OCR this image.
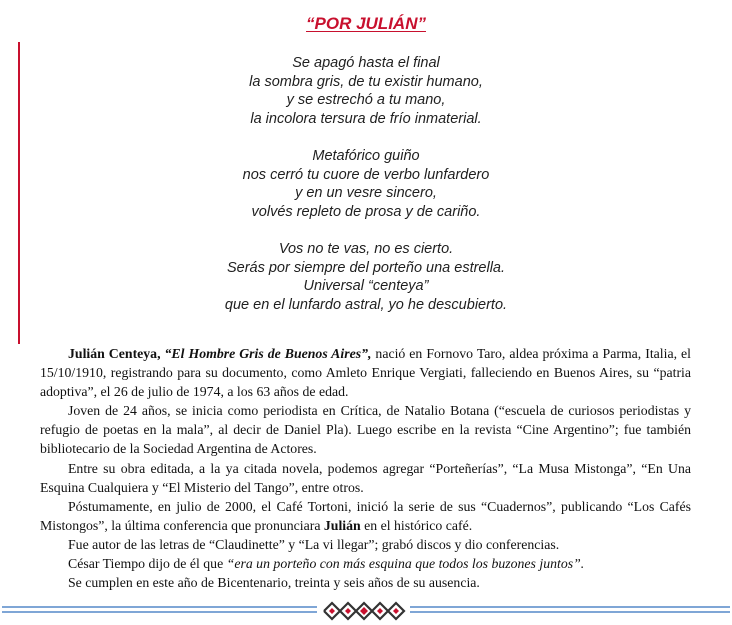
“POR JULIÁN”
Se apagó hasta el final
la sombra gris, de tu existir humano,
y se estrechó a tu mano,
la incolora tersura de frío inmaterial.
Metafórico guiño
nos cerró tu cuore de verbo lunfardero
y en un vesre sincero,
volvés repleto de prosa y de cariño.
Vos no te vas, no es cierto.
Serás por siempre del porteño una estrella.
Universal “centeya”
que en el lunfardo astral, yo he descubierto.

Julián Centeya, “El Hombre Gris de Buenos Aires”, nació en Fornovo Taro, aldea próxima a Parma, Italia, el 15/10/1910, registrando para su documento, como Amleto Enrique Vergiati, falleciendo en Buenos Aires, su “patria adoptiva”, el 26 de julio de 1974, a los 63 años de edad.

Joven de 24 años, se inicia como periodista en Crítica, de Natalio Botana (“escuela de curiosos periodistas y refugio de poetas en la mala”, al decir de Daniel Pla). Luego escribe en la revista “Cine Argentino”; fue también bibliotecario de la Sociedad Argentina de Actores.

Entre su obra editada, a la ya citada novela, podemos agregar “Porteñerías”, “La Musa Mistonga”, “En Una Esquina Cualquiera y “El Misterio del Tango”, entre otros.

Póstumamente, en julio de 2000, el Café Tortoni, inició la serie de sus “Cuadernos”, publicando “Los Cafés Mistongos”, la última conferencia que pronunciara Julián en el histórico café.

Fue autor de las letras de “Claudinette” y “La vi llegar”; grabó discos y dio conferencias.

César Tiempo dijo de él que “era un porteño con más esquina que todos los buzones juntos”.

Se cumplen en este año de Bicentenario, treinta y seis años de su ausencia.
